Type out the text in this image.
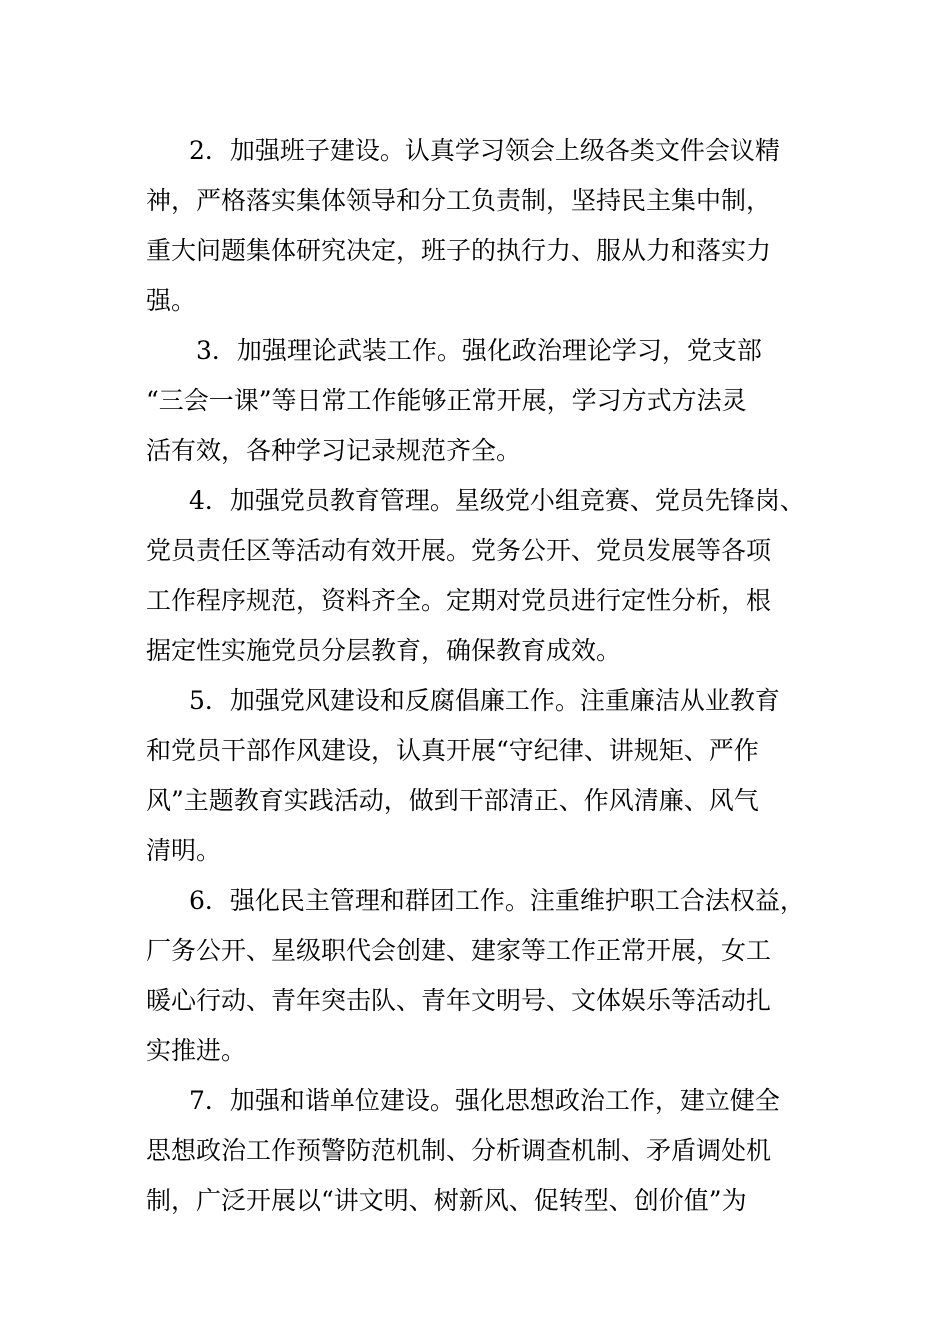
2．加强班子建设。认真学习领会上级各类文件会议精
神，严格落实集体领导和分工负责制，坚持民主集中制，
重大问题集体研究决定，班子的执行力、服从力和落实力
强。
3．加强理论武装工作。强化政治理论学习，党支部
“三会一课”等日常工作能够正常开展，学习方式方法灵
活有效，各种学习记录规范齐全。
4．加强党员教育管理。星级党小组竞赛、党员先锋岗、
党员责任区等活动有效开展。党务公开、党员发展等各项
工作程序规范，资料齐全。定期对党员进行定性分析，根
据定性实施党员分层教育，确保教育成效。
5．加强党风建设和反腐倡廉工作。注重廉洁从业教育
和党员干部作风建设，认真开展“守纪律、讲规矩、严作
风”主题教育实践活动，做到干部清正、作风清廉、风气
清明。
6．强化民主管理和群团工作。注重维护职工合法权益，
厂务公开、星级职代会创建、建家等工作正常开展，女工
暖心行动、青年突击队、青年文明号、文体娱乐等活动扎
实推进。
7．加强和谐单位建设。强化思想政治工作，建立健全
思想政治工作预警防范机制、分析调查机制、矛盾调处机
制，广泛开展以“讲文明、树新风、促转型、创价值”为
